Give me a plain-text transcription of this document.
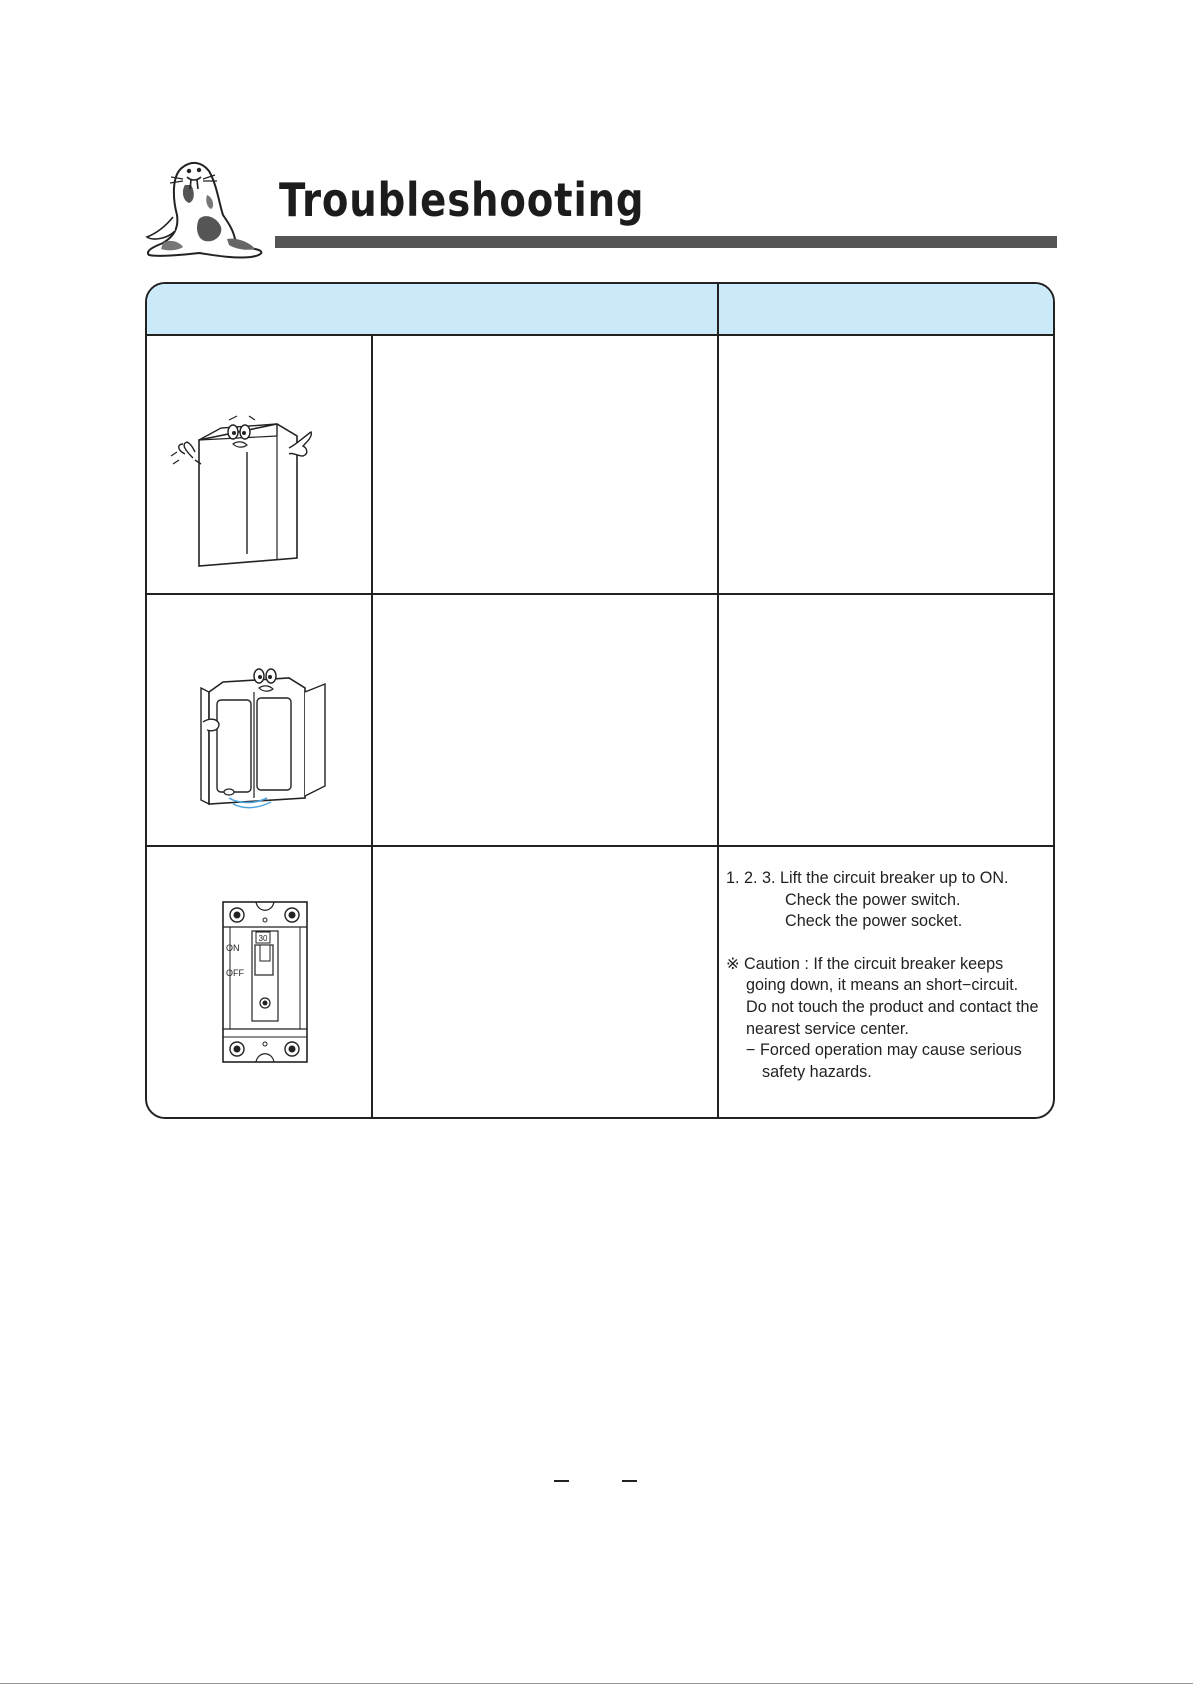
Troubleshooting
30
ON
OFF
1. 2. 3. Lift the circuit breaker up to ON.
Check the power switch.
Check the power socket.
※ Caution : If the circuit breaker keeps
going down, it means an short−circuit.
Do not touch the product and contact the
nearest service center.
− Forced operation may cause serious
safety hazards.
